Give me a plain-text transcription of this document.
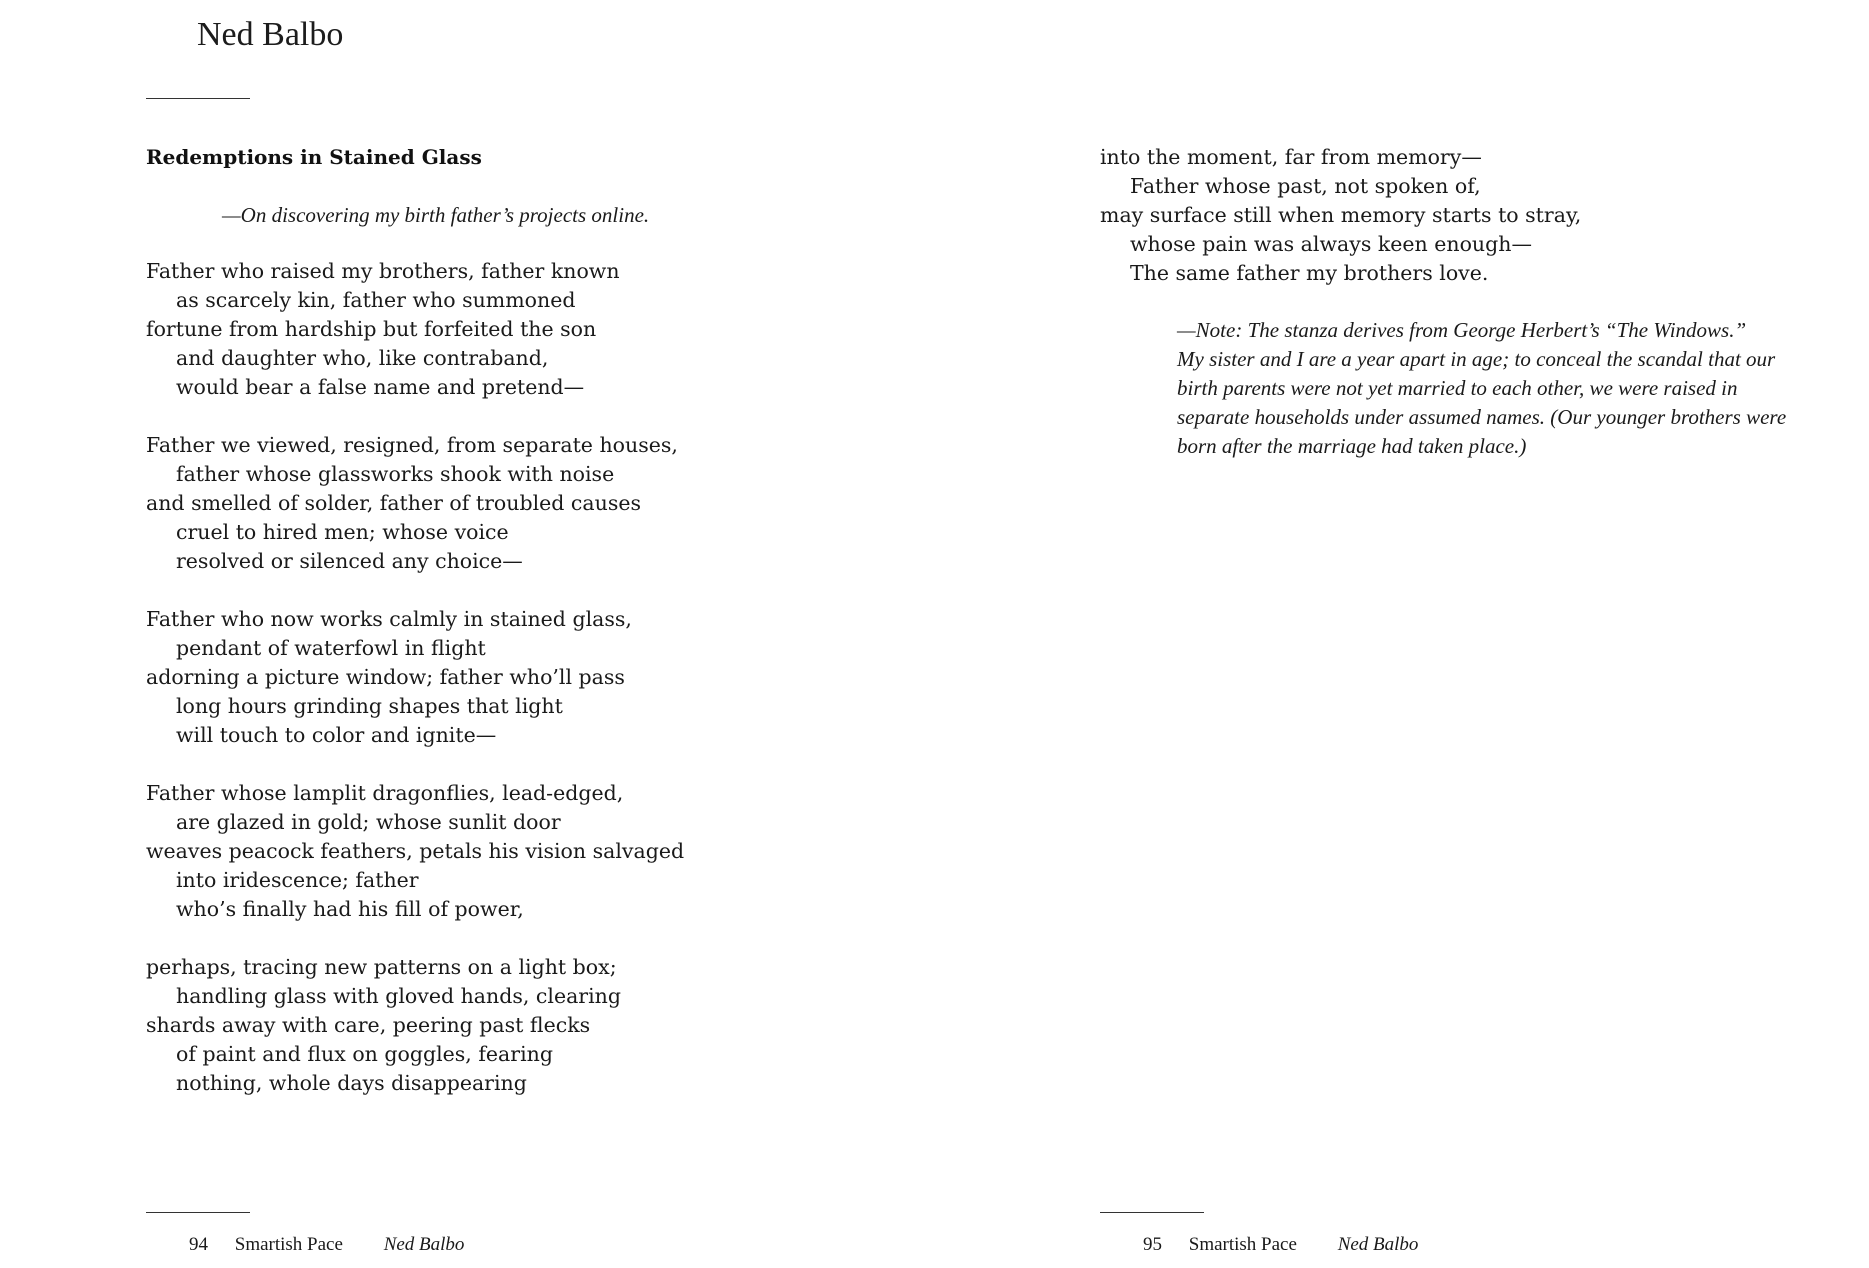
Ned Balbo
Redemptions in Stained Glass

—On discovering my birth father’s projects online.

Father who raised my brothers, father known
as scarcely kin, father who summoned
fortune from hardship but forfeited the son
and daughter who, like contraband,
would bear a false name and pretend—
Father we viewed, resigned, from separate houses,
father whose glassworks shook with noise
and smelled of solder, father of troubled causes
cruel to hired men; whose voice
resolved or silenced any choice—
Father who now works calmly in stained glass,
pendant of waterfowl in flight
adorning a picture window; father who’ll pass
long hours grinding shapes that light
will touch to color and ignite—
Father whose lamplit dragonflies, lead-edged,
are glazed in gold; whose sunlit door
weaves peacock feathers, petals his vision salvaged
into iridescence; father
who’s finally had his fill of power,
perhaps, tracing new patterns on a light box;
handling glass with gloved hands, clearing
shards away with care, peering past flecks
of paint and flux on goggles, fearing
nothing, whole days disappearing
94 Smartish Pace Ned Balbo
into the moment, far from memory—
Father whose past, not spoken of,
may surface still when memory starts to stray,
whose pain was always keen enough—
The same father my brothers love.
—Note: The stanza derives from George Herbert’s “The Windows.”
My sister and I are a year apart in age; to conceal the scandal that our
birth parents were not yet married to each other, we were raised in
separate households under assumed names. (Our younger brothers were
born after the marriage had taken place.)
95 Smartish Pace Ned Balbo
